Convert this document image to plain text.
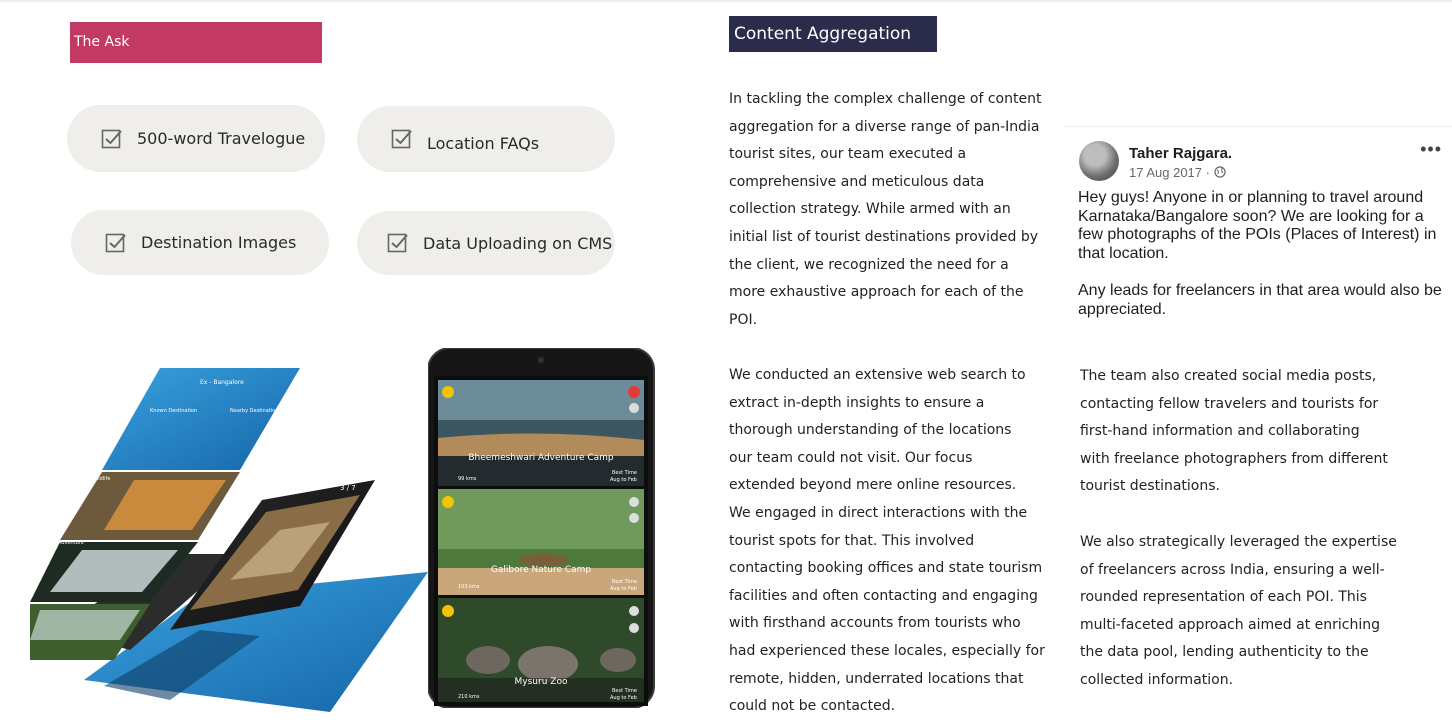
The Ask
500-word Travelogue	Location FAQs
Destination Images	Data Uploading on CMS
Ex - Bangalore
Known Destination	Nearby Destinations
National Zoological Park
3 / 7
Wildlife
Adventure
Bheemeshwari Adventure Camp
99 kms
Best Time
Aug to Feb
Galibore Nature Camp
103 kms
Best Time
Aug to Feb
Mysuru Zoo
210 kms
Best Time
Aug to Feb
Content Aggregation
In tackling the complex challenge of content
aggregation for a diverse range of pan-India
tourist sites, our team executed a
comprehensive and meticulous data
collection strategy. While armed with an
initial list of tourist destinations provided by
the client, we recognized the need for a
more exhaustive approach for each of the
POI.
We conducted an extensive web search to
extract in-depth insights to ensure a
thorough understanding of the locations
our team could not visit. Our focus
extended beyond mere online resources.
We engaged in direct interactions with the
tourist spots for that. This involved
contacting booking offices and state tourism
facilities and often contacting and engaging
with firsthand accounts from tourists who
had experienced these locales, especially for
remote, hidden, underrated locations that
could not be contacted.
The team also created social media posts,
contacting fellow travelers and tourists for
first-hand information and collaborating
with freelance photographers from different
tourist destinations.
We also strategically leveraged the expertise
of freelancers across India, ensuring a well-
rounded representation of each POI. This
multi-faceted approach aimed at enriching
the data pool, lending authenticity to the
collected information.
Taher Rajgara.
17 Aug 2017 ·
•••

Hey guys! Anyone in or planning to travel around Karnataka/Bangalore soon? We are looking for a few photographs of the POIs (Places of Interest) in that location.

Any leads for freelancers in that area would also be appreciated.
